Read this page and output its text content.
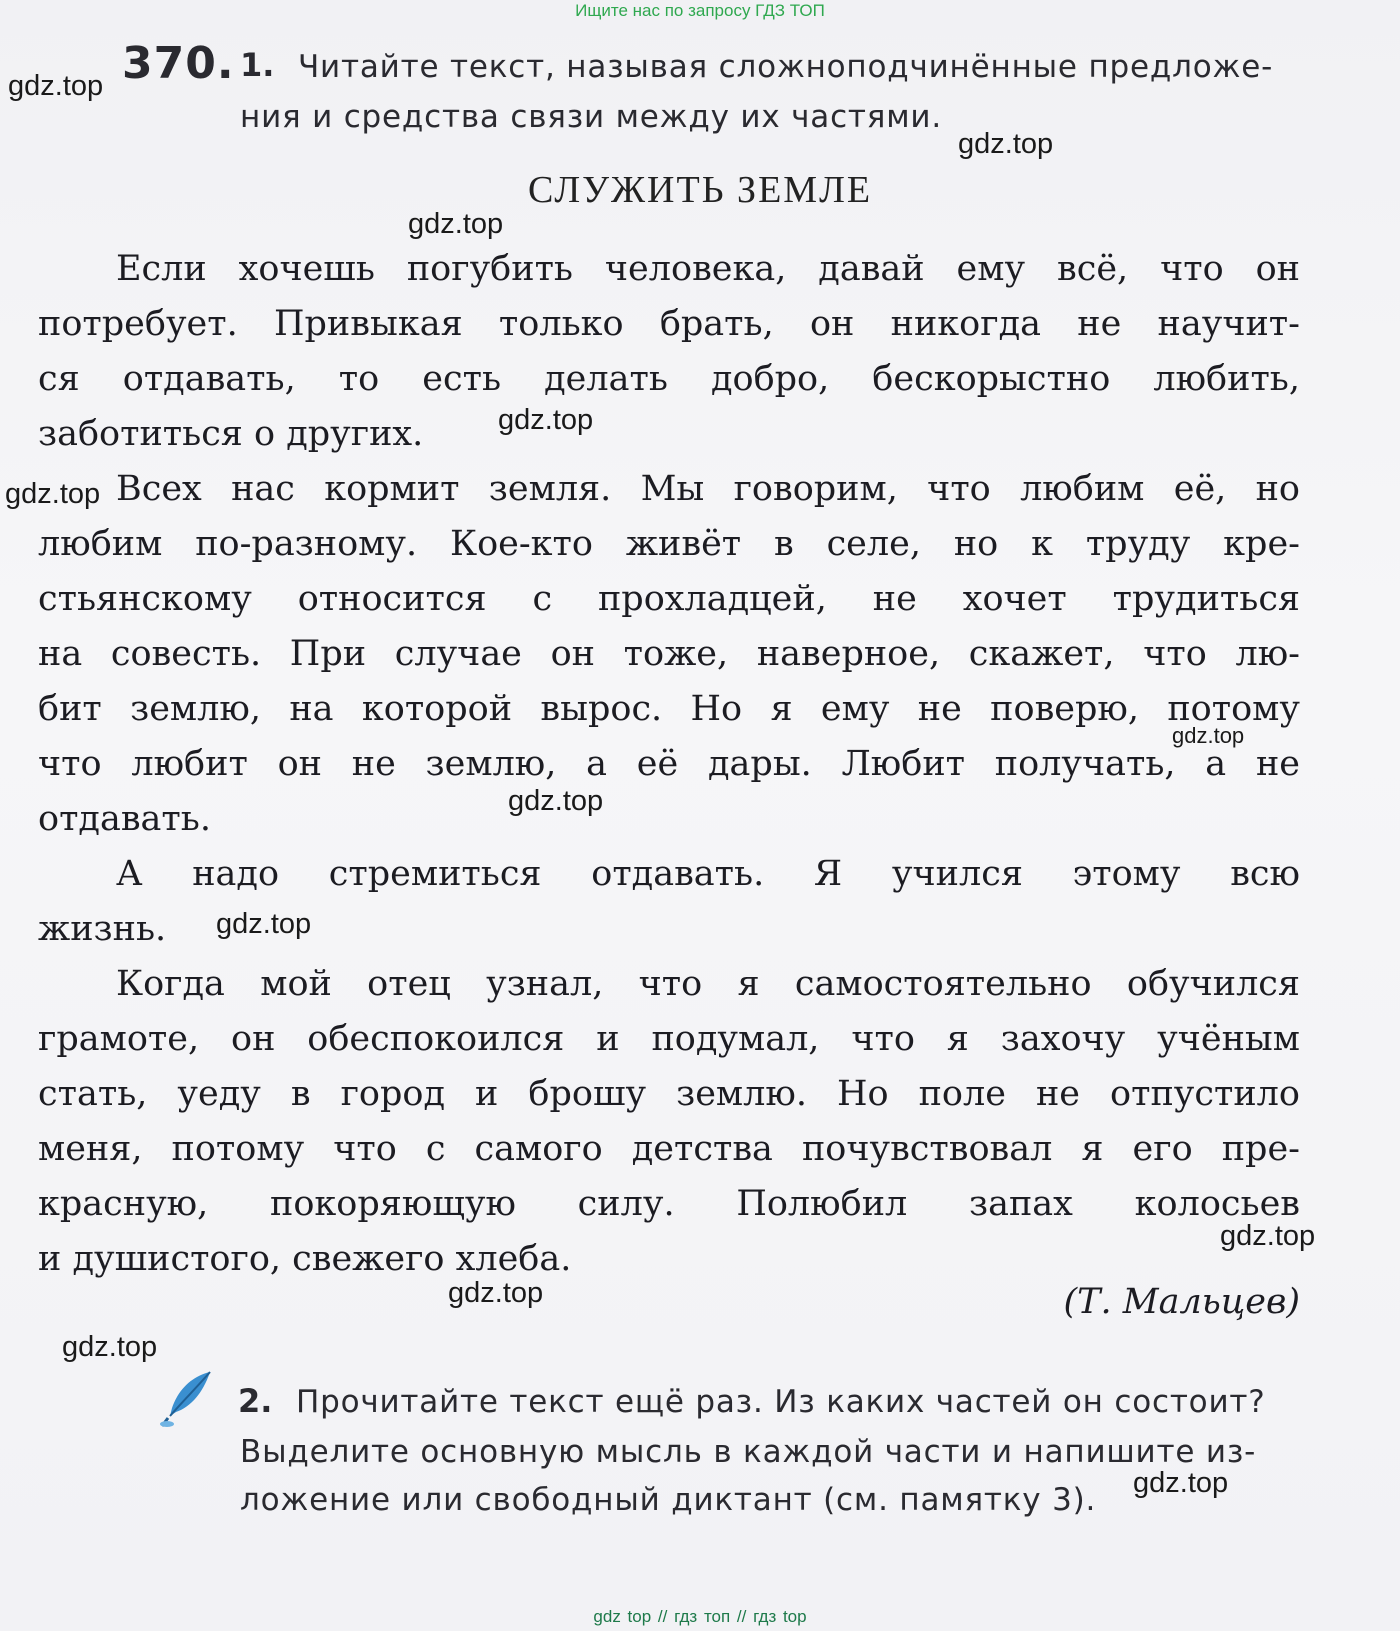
Ищите нас по запросу ГДЗ ТОП
370. 1. Читайте текст, называя сложноподчинённые предложе-
ния и средства связи между их частями.
СЛУЖИТЬ ЗЕМЛЕ
Если хочешь погубить человека, давай ему всё, что он
потребует. Привыкая только брать, он никогда не научит-
ся отдавать, то есть делать добро, бескорыстно любить,
заботиться о других.
Всех нас кормит земля. Мы говорим, что любим её, но
любим по-разному. Кое-кто живёт в селе, но к труду кре-
стьянскому относится с прохладцей, не хочет трудиться
на совесть. При случае он тоже, наверное, скажет, что лю-
бит землю, на которой вырос. Но я ему не поверю, потому
что любит он не землю, а её дары. Любит получать, а не
отдавать.
А надо стремиться отдавать. Я учился этому всю
жизнь.
Когда мой отец узнал, что я самостоятельно обучился
грамоте, он обеспокоился и подумал, что я захочу учёным
стать, уеду в город и брошу землю. Но поле не отпустило
меня, потому что с самого детства почувствовал я его пре-
красную, покоряющую силу. Полюбил запах колосьев
и душистого, свежего хлеба.
(Т. Мальцев)
2. Прочитайте текст ещё раз. Из каких частей он состоит?
Выделите основную мысль в каждой части и напишите из-
ложение или свободный диктант (см. памятку 3).
gdz.top
gdz.top
gdz.top
gdz.top
gdz.top
gdz.top
gdz.top
gdz.top
gdz.top
gdz.top
gdz.top
gdz.top
gdz top // гдз топ // гдз top
